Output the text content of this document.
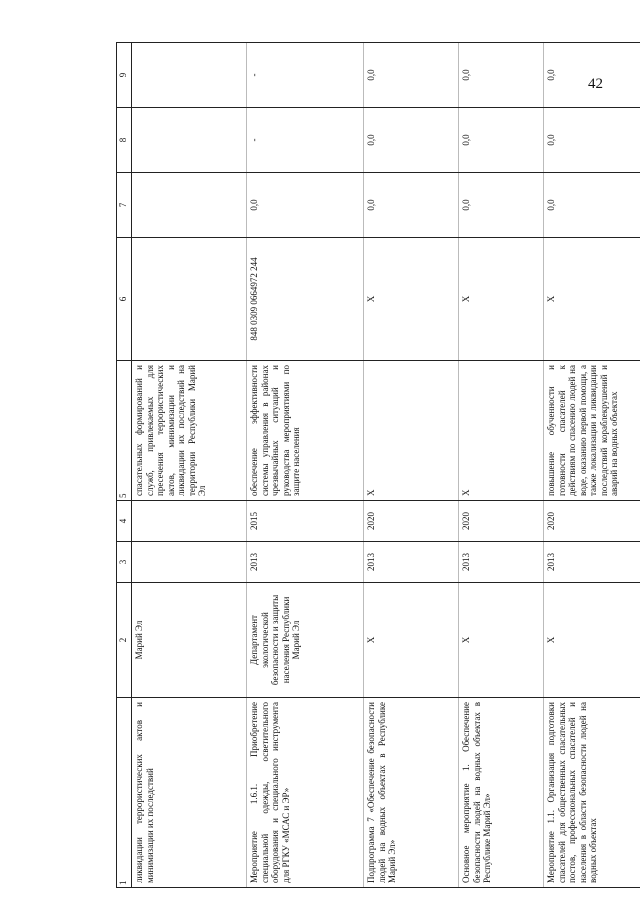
42
1	2	3	4	5	6	7	8	9
ликвидации террористических актов и минимизации их последствий	Марий Эл			спасательных формирований и служб, привлекаемых для пресечения террористических актов, минимизации и ликвидации их последствий на территории Республики Марий Эл				
Мероприятие 1.6.1. Приобретение специальной одежды, осветительного оборудования и специального инструмента для РГКУ «МСАС и ЭР»	Департамент экологической безопасности и защиты населения Республики Марий Эл	2013	2015	обеспечение эффективности системы управления в районах чрезвычайных ситуаций и руководства мероприятиями по защите населения	848 0309 0664972 244	0,0	-	-
Подпрограмма 7 «Обеспечение безопасности людей на водных объектах в Республике Марий Эл»	X	2013	2020	X	X	0,0	0,0	0,0
Основное мероприятие 1. Обеспечение безопасности людей на водных объектах в Республике Марий Эл»	X	2013	2020	X	X	0,0	0,0	0,0
Мероприятие 1.1. Организация подготовки спасателей для общественных спасательных постов, профессиональных спасателей и населения в области безопасности людей на водных объектах	X	2013	2020	повышение обученности и готовности спасателей к действиям по спасению людей на воде, оказанию первой помощи, а также локализации и ликвидации последствий кораблекрушений и аварий на водных объектах	X	0,0	0,0	0,0
